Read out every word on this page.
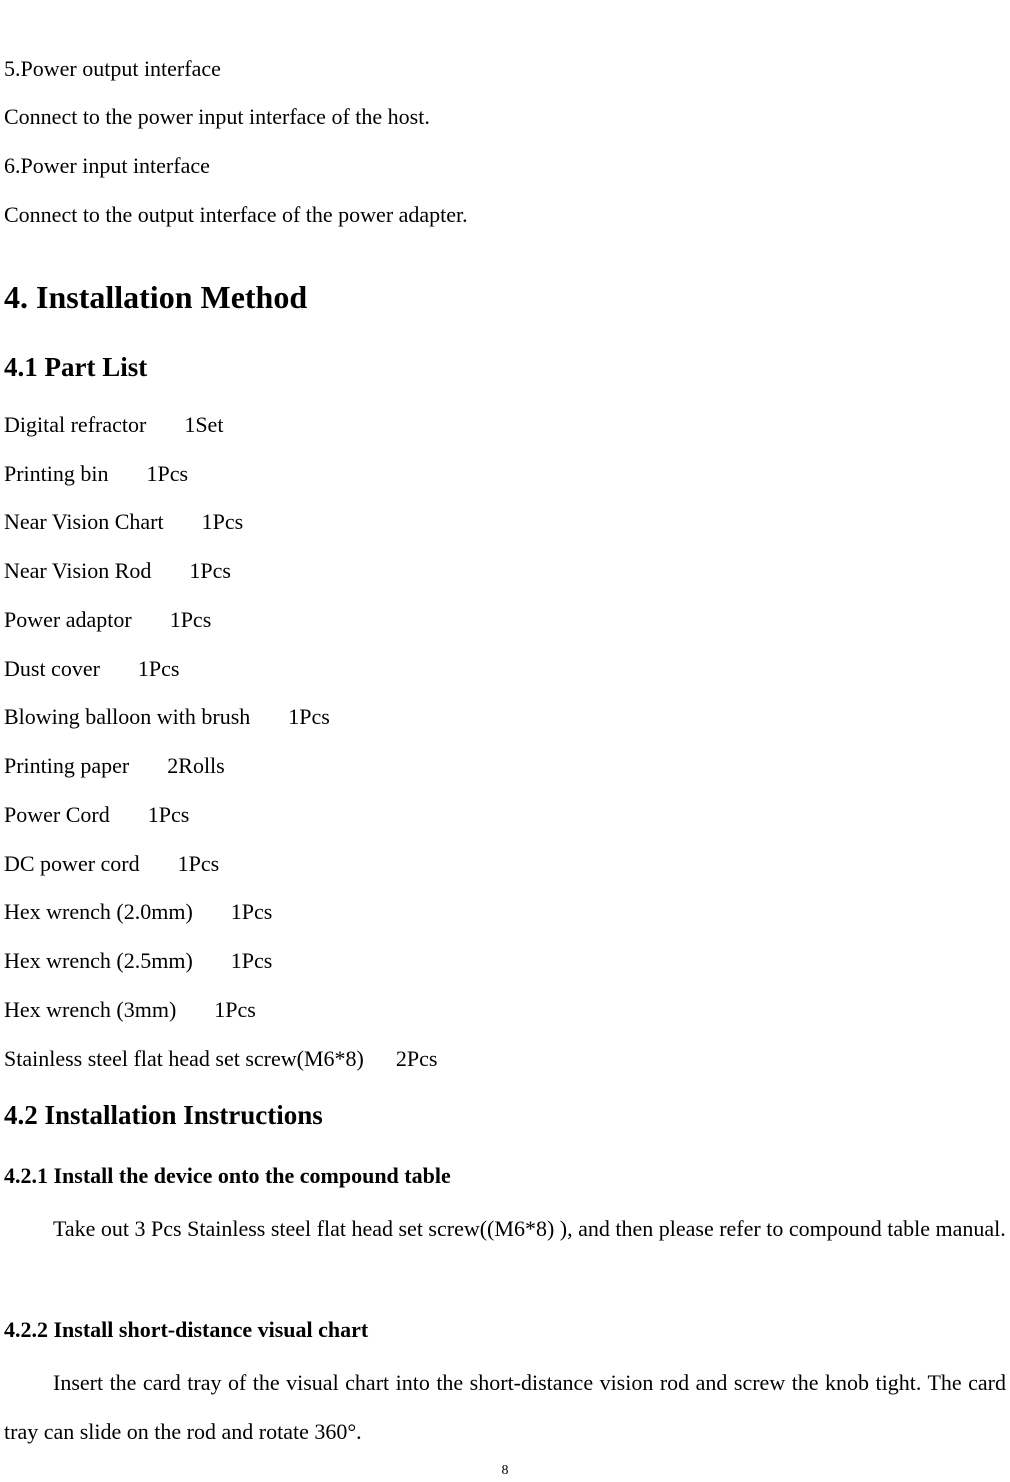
5.Power output interface
Connect to the power input interface of the host.
6.Power input interface
Connect to the output interface of the power adapter.
4. Installation Method
4.1 Part List
Digital refractor 1Set
Printing bin 1Pcs
Near Vision Chart 1Pcs
Near Vision Rod 1Pcs
Power adaptor 1Pcs
Dust cover 1Pcs
Blowing balloon with brush 1Pcs
Printing paper 2Rolls
Power Cord 1Pcs
DC power cord 1Pcs
Hex wrench (2.0mm) 1Pcs
Hex wrench (2.5mm) 1Pcs
Hex wrench (3mm) 1Pcs
Stainless steel flat head set screw(M6*8) 2Pcs
4.2 Installation Instructions
4.2.1 Install the device onto the compound table
Take out 3 Pcs Stainless steel flat head set screw((M6*8) ), and then please refer to compound table manual.
4.2.2 Install short-distance visual chart
Insert the card tray of the visual chart into the short-distance vision rod and screw the knob tight. The card tray can slide on the rod and rotate 360°.
8
